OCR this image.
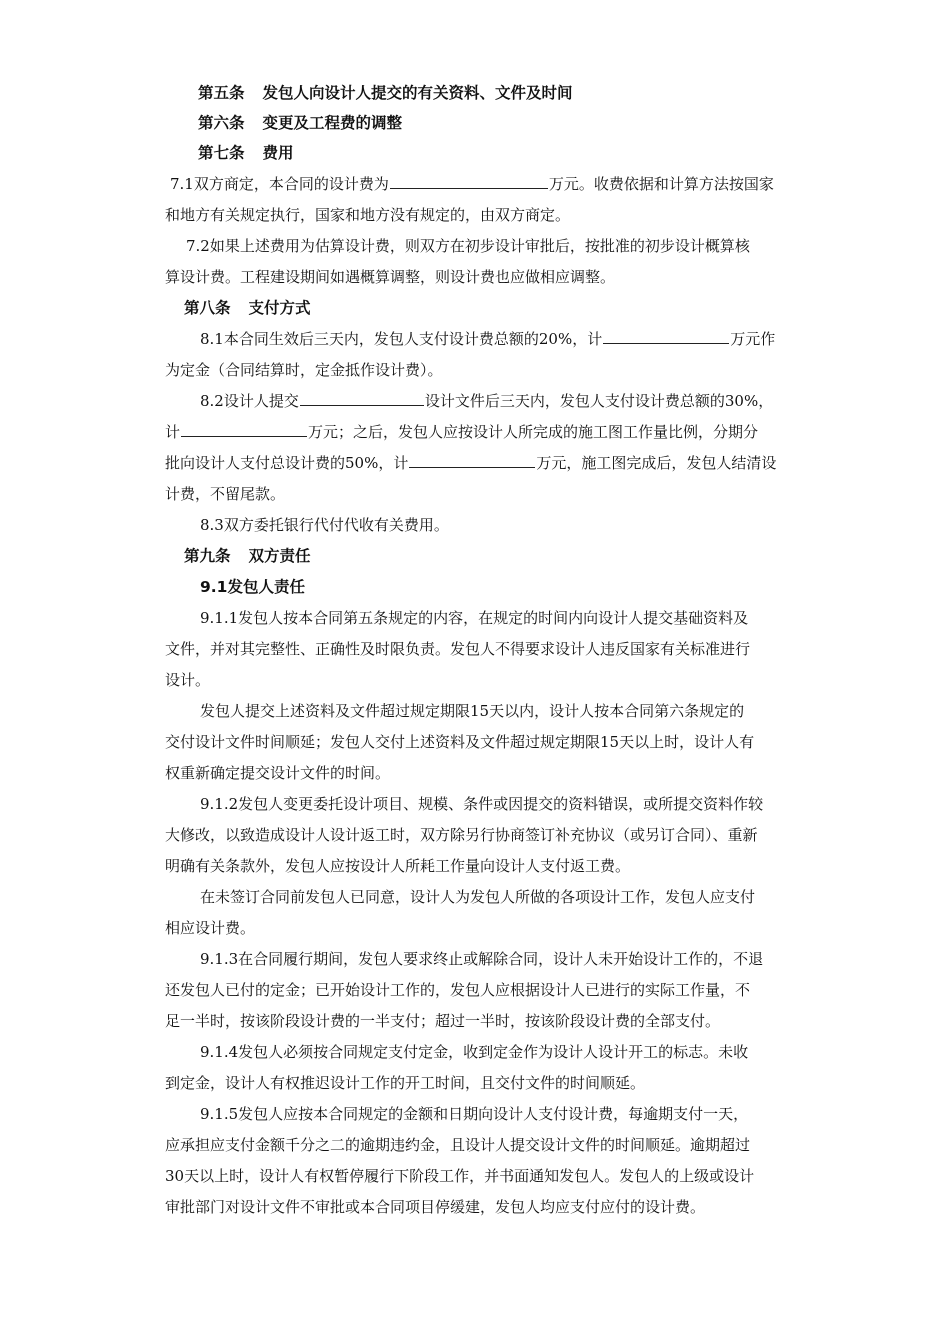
第五条 发包人向设计人提交的有关资料、文件及时间
第六条 变更及工程费的调整
第七条 费用
7.1双方商定，本合同的设计费为	万元。收费依据和计算方法按国家
和地方有关规定执行，国家和地方没有规定的，由双方商定。
7.2如果上述费用为估算设计费，则双方在初步设计审批后，按批准的初步设计概算核
算设计费。工程建设期间如遇概算调整，则设计费也应做相应调整。
第八条 支付方式
8.1本合同生效后三天内，发包人支付设计费总额的20%，计	万元作
为定金（合同结算时，定金抵作设计费）。
8.2设计人提交	设计文件后三天内，发包人支付设计费总额的30%，
计	万元；之后，发包人应按设计人所完成的施工图工作量比例，分期分
批向设计人支付总设计费的50%，计	万元，施工图完成后，发包人结清设
计费，不留尾款。
8.3双方委托银行代付代收有关费用。
第九条 双方责任
9.1发包人责任
9.1.1发包人按本合同第五条规定的内容，在规定的时间内向设计人提交基础资料及
文件，并对其完整性、正确性及时限负责。发包人不得要求设计人违反国家有关标准进行
设计。
发包人提交上述资料及文件超过规定期限15天以内，设计人按本合同第六条规定的
交付设计文件时间顺延；发包人交付上述资料及文件超过规定期限15天以上时，设计人有
权重新确定提交设计文件的时间。
9.1.2发包人变更委托设计项目、规模、条件或因提交的资料错误，或所提交资料作较
大修改，以致造成设计人设计返工时，双方除另行协商签订补充协议（或另订合同）、重新
明确有关条款外，发包人应按设计人所耗工作量向设计人支付返工费。
在未签订合同前发包人已同意，设计人为发包人所做的各项设计工作，发包人应支付
相应设计费。
9.1.3在合同履行期间，发包人要求终止或解除合同，设计人未开始设计工作的，不退
还发包人已付的定金；已开始设计工作的，发包人应根据设计人已进行的实际工作量，不
足一半时，按该阶段设计费的一半支付；超过一半时，按该阶段设计费的全部支付。
9.1.4发包人必须按合同规定支付定金，收到定金作为设计人设计开工的标志。未收
到定金，设计人有权推迟设计工作的开工时间，且交付文件的时间顺延。
9.1.5发包人应按本合同规定的金额和日期向设计人支付设计费，每逾期支付一天，
应承担应支付金额千分之二的逾期违约金，且设计人提交设计文件的时间顺延。逾期超过
30天以上时，设计人有权暂停履行下阶段工作，并书面通知发包人。发包人的上级或设计
审批部门对设计文件不审批或本合同项目停缓建，发包人均应支付应付的设计费。
